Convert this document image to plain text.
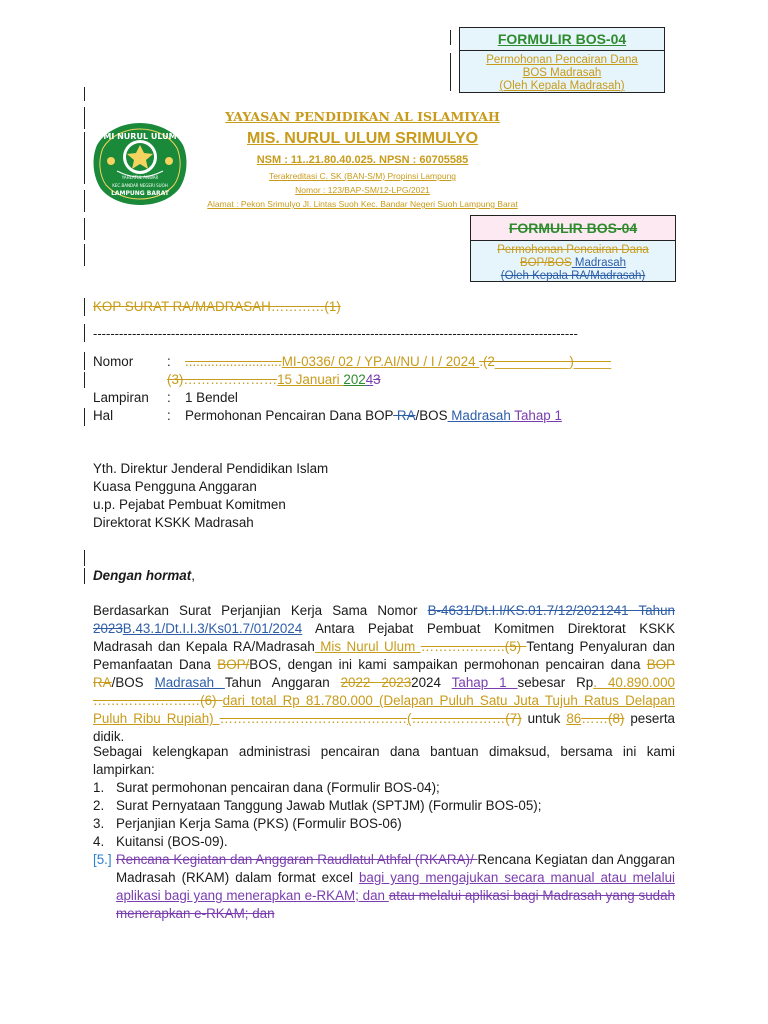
FORMULIR BOS-04
Permohonan Pencairan Dana
BOS Madrasah
(Oleh Kepala Madrasah)
MI NURUL ULUM
YAHLATUL ANWAR
KEC.BANDAR NEGERI SUOH
LAMPUNG BARAT
YAYASAN PENDIDIKAN AL ISLAMIYAH
MIS. NURUL ULUM SRIMULYO
NSM : 11..21.80.40.025. NPSN : 60705585
Terakreditasi C. SK (BAN-S/M) Propinsi Lampung
Nomor : 123/BAP-SM/12-LPG/2021
Alamat : Pekon Srimulyo Jl. Lintas Suoh Kec. Bandar Negeri Suoh Lampung Barat
FORMULIR BOS-04
Permohonan Pencairan Dana
BOP/BOS Madrasah
(Oleh Kepala RA/Madrasah)
KOP SURAT RA/MADRASAH…………(1)
----------------------------------------------------------------------------------------------------------------
Nomor	: ..........................MI-0336/ 02 / YP.AI/NU / I / 2024 .(2__________)_____
(3)…………………15 Januari 20243
Lampiran : 1 Bendel
Hal	: Permohonan Pencairan Dana BOP RA/BOS Madrasah Tahap 1
Yth. Direktur Jenderal Pendidikan Islam
Kuasa Pengguna Anggaran
u.p. Pejabat Pembuat Komitmen
Direktorat KSKK Madrasah
Dengan hormat,
Berdasarkan Surat Perjanjian Kerja Sama Nomor B-4631/Dt.I.I/KS.01.7/12/2021241 Tahun 2023B.43.1/Dt.I.I.3/Ks01.7/01/2024 Antara Pejabat Pembuat Komitmen Direktorat KSKK Madrasah dan Kepala RA/Madrasah Mis Nurul Ulum ……………….(5) Tentang Penyaluran dan Pemanfaatan Dana BOP/BOS, dengan ini kami sampaikan permohonan pencairan dana BOP RA/BOS Madrasah Tahun Anggaran 2022 20232024 Tahap 1 sebesar Rp. 40.890.000 ……………………(6) dari total Rp 81.780.000 (Delapan Puluh Satu Juta Tujuh Ratus Delapan Puluh Ribu Rupiah) ……………………………………(…………………(7) untuk 86……(8) peserta didik.
Sebagai kelengkapan administrasi pencairan dana bantuan dimaksud, bersama ini kami lampirkan:
1. Surat permohonan pencairan dana (Formulir BOS-04);
2. Surat Pernyataan Tanggung Jawab Mutlak (SPTJM) (Formulir BOS-05);
3. Perjanjian Kerja Sama (PKS) (Formulir BOS-06)
4. Kuitansi (BOS-09).
[5.] Rencana Kegiatan dan Anggaran Raudlatul Athfal (RKARA)/ Rencana Kegiatan dan Anggaran Madrasah (RKAM) dalam format excel bagi yang mengajukan secara manual atau melalui aplikasi bagi yang menerapkan e-RKAM; dan atau melalui aplikasi bagi Madrasah yang sudah menerapkan e-RKAM; dan
